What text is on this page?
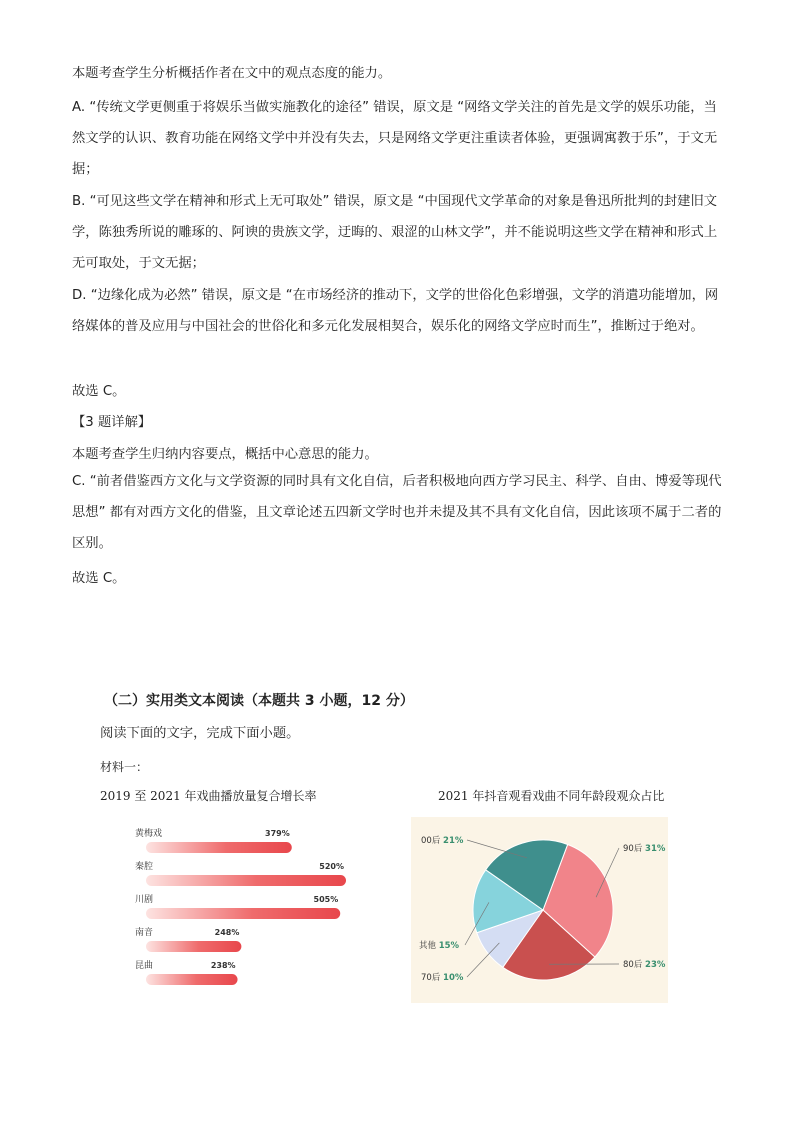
本题考查学生分析概括作者在文中的观点态度的能力。

A. “传统文学更侧重于将娱乐当做实施教化的途径” 错误，原文是 “网络文学关注的首先是文学的娱乐功能，当然文学的认识、教育功能在网络文学中并没有失去，只是网络文学更注重读者体验，更强调寓教于乐”，于文无据；

B. “可见这些文学在精神和形式上无可取处” 错误，原文是 “中国现代文学革命的对象是鲁迅所批判的封建旧文学，陈独秀所说的雕琢的、阿谀的贵族文学，迂晦的、艰涩的山林文学”，并不能说明这些文学在精神和形式上无可取处，于文无据；

D. “边缘化成为必然” 错误，原文是 “在市场经济的推动下，文学的世俗化色彩增强，文学的消遣功能增加，网络媒体的普及应用与中国社会的世俗化和多元化发展相契合，娱乐化的网络文学应时而生”，推断过于绝对。

故选 C。

【3 题详解】

本题考查学生归纳内容要点，概括中心意思的能力。

C. “前者借鉴西方文化与文学资源的同时具有文化自信，后者积极地向西方学习民主、科学、自由、博爱等现代思想” 都有对西方文化的借鉴，且文章论述五四新文学时也并未提及其不具有文化自信，因此该项不属于二者的区别。

故选 C。

（二）实用类文本阅读（本题共 3 小题，12 分）

阅读下面的文字，完成下面小题。

材料一：

2019 至 2021 年戏曲播放量复合增长率	2021 年抖音观看戏曲不同年龄段观众占比

黄梅戏	379%
秦腔	520%
川剧	505%
南音	248%
昆曲	238%
90后 31%
80后 23%
70后 10%
其他 15%
00后 21%
